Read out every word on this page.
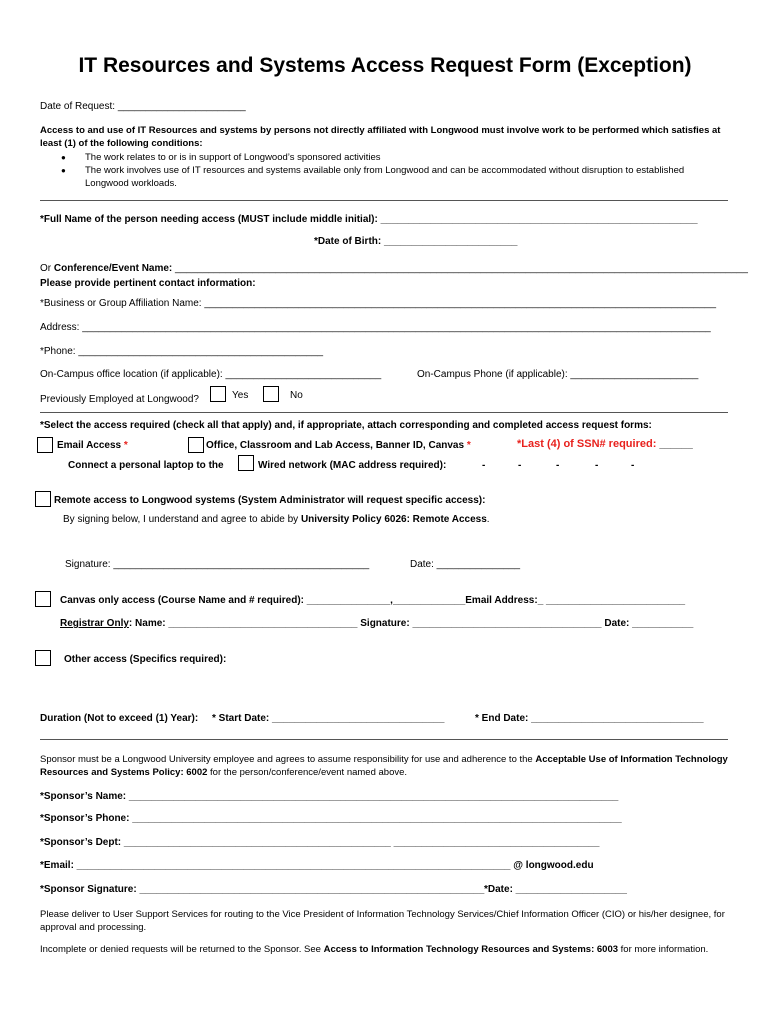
IT Resources and Systems Access Request Form (Exception)
Date of Request: _______________________
Access to and use of IT Resources and systems by persons not directly affiliated with Longwood must involve work to be performed which satisfies at least (1) of the following conditions:
● The work relates to or is in support of Longwood’s sponsored activities
● The work involves use of IT resources and systems available only from Longwood and can be accommodated without disruption to established Longwood workloads.
*Full Name of the person needing access (MUST include middle initial): _________________________________________________________
*Date of Birth: ________________________
Or Conference/Event Name: _______________________________________________________________________________________________________
Please provide pertinent contact information:
*Business or Group Affiliation Name: ____________________________________________________________________________________________
Address: _________________________________________________________________________________________________________________
*Phone: ____________________________________________
On-Campus office location (if applicable): ____________________________	On-Campus Phone (if applicable): _______________________
Previously Employed at Longwood?	Yes	No
*Select the access required (check all that apply) and, if appropriate, attach corresponding and completed access request forms:
Email Access *	Office, Classroom and Lab Access, Banner ID, Canvas *	*Last (4) of SSN# required: ______
Connect a personal laptop to the	Wired network (MAC address required):	-	-	-	-	-
Remote access to Longwood systems (System Administrator will request specific access):
By signing below, I understand and agree to abide by University Policy 6026: Remote Access.
Signature: ______________________________________________	Date: _______________
Canvas only access (Course Name and # required): _______________,_____________Email Address:_ _________________________
Registrar Only: Name: __________________________________ Signature: __________________________________ Date: ___________
Other access (Specifics required):
Duration (Not to exceed (1) Year): * Start Date: _______________________________	* End Date: _______________________________
Sponsor must be a Longwood University employee and agrees to assume responsibility for use and adherence to the Acceptable Use of Information Technology Resources and Systems Policy: 6002 for the person/conference/event named above.
*Sponsor’s Name: ________________________________________________________________________________________
*Sponsor’s Phone: ________________________________________________________________________________________
*Sponsor’s Dept: ________________________________________________ _____________________________________
*Email: ______________________________________________________________________________ @ longwood.edu
*Sponsor Signature: ______________________________________________________________ *Date: ____________________
Please deliver to User Support Services for routing to the Vice President of Information Technology Services/Chief Information Officer (CIO) or his/her designee, for approval and processing.
Incomplete or denied requests will be returned to the Sponsor. See Access to Information Technology Resources and Systems: 6003 for more information.
